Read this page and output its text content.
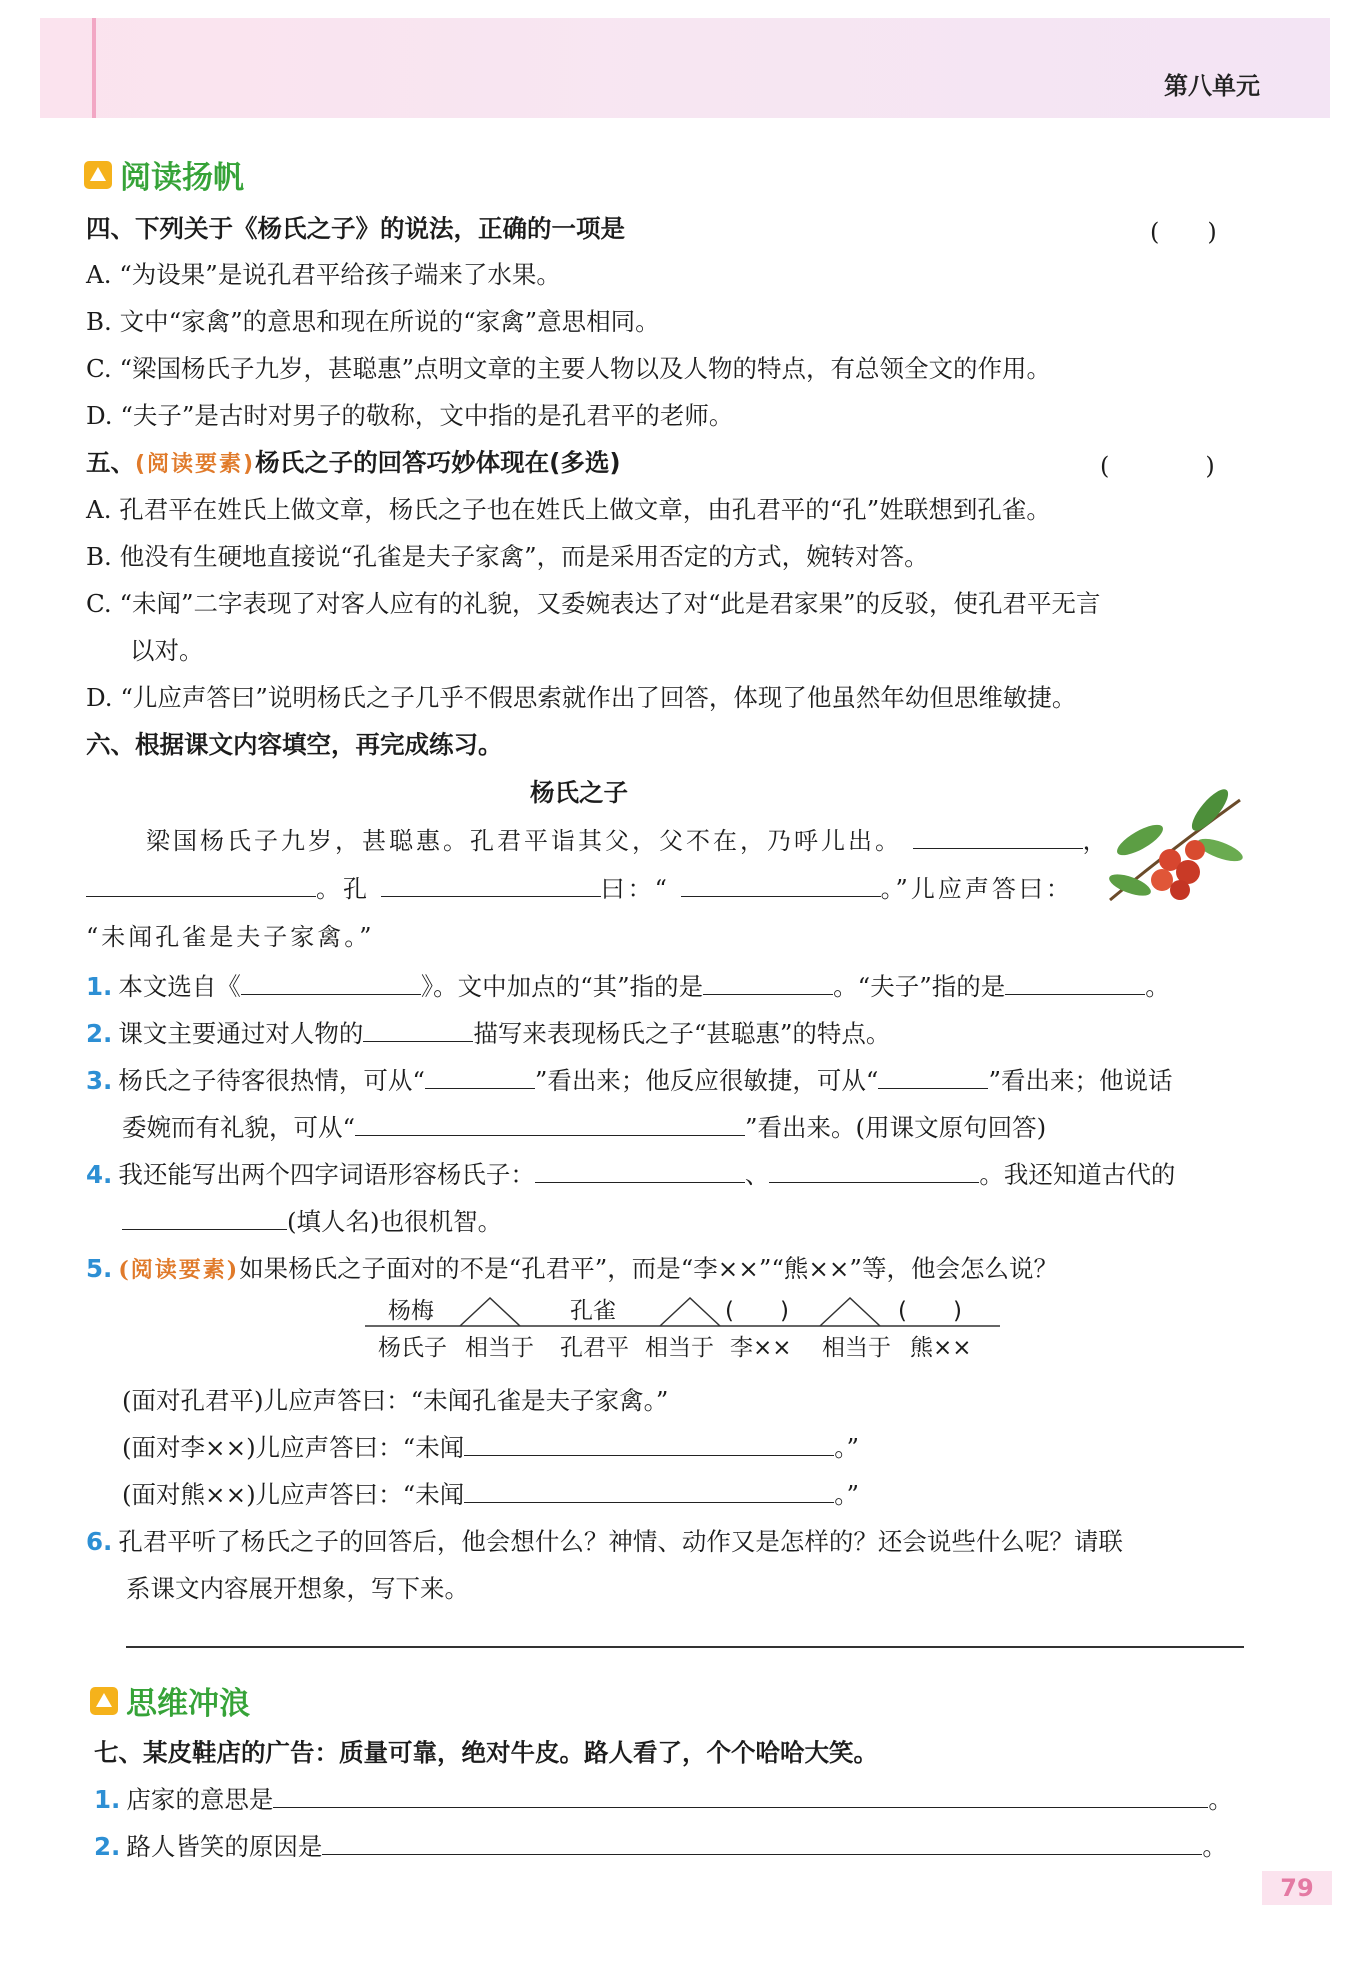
第八单元
阅读扬帆
四、下列关于《杨氏之子》的说法，正确的一项是	(　　)
A. “为设果”是说孔君平给孩子端来了水果。
B. 文中“家禽”的意思和现在所说的“家禽”意思相同。
C. “梁国杨氏子九岁，甚聪惠”点明文章的主要人物以及人物的特点，有总领全文的作用。
D. “夫子”是古时对男子的敬称，文中指的是孔君平的老师。
五、(阅读要素)杨氏之子的回答巧妙体现在(多选)	(　　　　)
A. 孔君平在姓氏上做文章，杨氏之子也在姓氏上做文章，由孔君平的“孔”姓联想到孔雀。
B. 他没有生硬地直接说“孔雀是夫子家禽”，而是采用否定的方式，婉转对答。
C. “未闻”二字表现了对客人应有的礼貌，又委婉表达了对“此是君家果”的反驳，使孔君平无言
以对。
D. “儿应声答曰”说明杨氏之子几乎不假思索就作出了回答，体现了他虽然年幼但思维敏捷。
六、根据课文内容填空，再完成练习。
杨氏之子
梁国杨氏子九岁，甚聪惠。孔君平诣其父，父不在，乃呼儿出。	，
。孔	曰：“	。”儿应声答曰：
“未闻孔雀是夫子家禽。”
1. 本文选自《	》。文中加点的“其”指的是	。“夫子”指的是	。
2. 课文主要通过对人物的	描写来表现杨氏之子“甚聪惠”的特点。
3. 杨氏之子待客很热情，可从“	”看出来；他反应很敏捷，可从“	”看出来；他说话
委婉而有礼貌，可从“	”看出来。(用课文原句回答)
4. 我还能写出两个四字词语形容杨氏子：	、	。我还知道古代的
(填人名)也很机智。
5. (阅读要素)如果杨氏之子面对的不是“孔君平”，而是“李××”“熊××”等，他会怎么说？
杨梅	孔雀	(　　)	(　　)
杨氏子 相当于 孔君平 相当于 李×× 相当于 熊××
(面对孔君平)儿应声答曰：“未闻孔雀是夫子家禽。”
(面对李××)儿应声答曰：“未闻	。”
(面对熊××)儿应声答曰：“未闻	。”
6. 孔君平听了杨氏之子的回答后，他会想什么？神情、动作又是怎样的？还会说些什么呢？请联
系课文内容展开想象，写下来。
思维冲浪
七、某皮鞋店的广告：质量可靠，绝对牛皮。路人看了，个个哈哈大笑。
1. 店家的意思是	。
2. 路人皆笑的原因是	。
79
